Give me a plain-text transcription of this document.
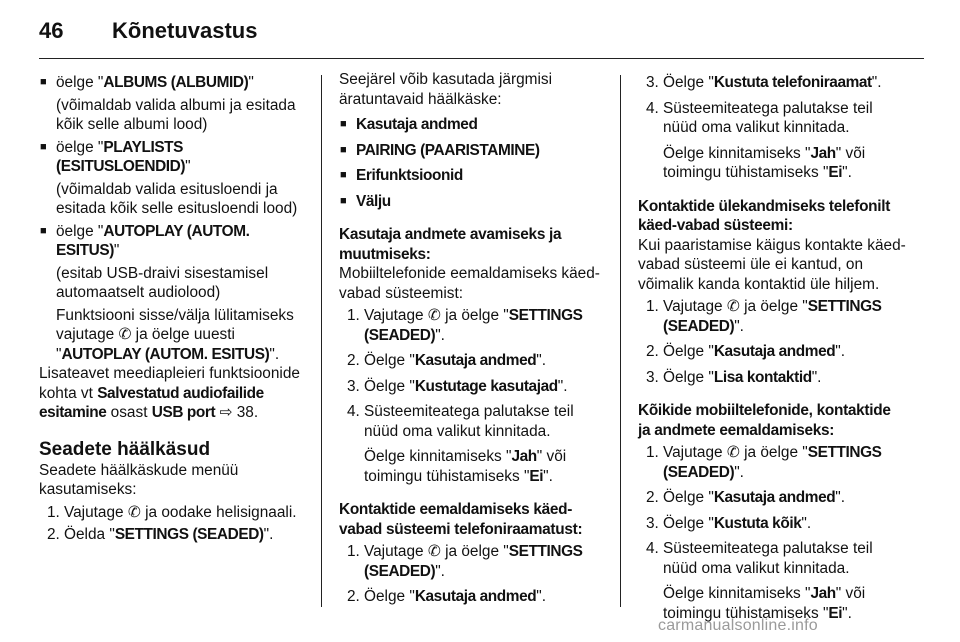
46 Kõnetuvastus
■ öelge "ALBUMS (ALBUMID)"
(võimaldab valida albumi ja esitada kõik selle albumi lood)
■ öelge "PLAYLISTS (ESITUSLOENDID)"
(võimaldab valida esitusloendi ja esitada kõik selle esitusloendi lood)
■ öelge "AUTOPLAY (AUTOM. ESITUS)"
(esitab USB-draivi sisestamisel automaatselt audiolood)
Funktsiooni sisse/välja lülitamiseks vajutage ✆ ja öelge uuesti "AUTOPLAY (AUTOM. ESITUS)".
Lisateavet meediapleieri funktsioonide kohta vt Salvestatud audiofailide esitamine osast USB port ⇨ 38.
Seadete häälkäsud
Seadete häälkäskude menüü kasutamiseks:
1. Vajutage ✆ ja oodake helisignaali.
2. Öelda "SETTINGS (SEADED)".
Seejärel võib kasutada järgmisi äratuntavaid häälkäske:
■ Kasutaja andmed
■ PAIRING (PAARISTAMINE)
■ Erifunktsioonid
■ Välju
Kasutaja andmete avamiseks ja muutmiseks:
Mobiiltelefonide eemaldamiseks käed-vabad süsteemist:
1. Vajutage ✆ ja öelge "SETTINGS (SEADED)".
2. Öelge "Kasutaja andmed".
3. Öelge "Kustutage kasutajad".
4. Süsteemiteatega palutakse teil nüüd oma valikut kinnitada.
Öelge kinnitamiseks "Jah" või toimingu tühistamiseks "Ei".
Kontaktide eemaldamiseks käed-vabad süsteemi telefoniraamatust:
1. Vajutage ✆ ja öelge "SETTINGS (SEADED)".
2. Öelge "Kasutaja andmed".
3. Öelge "Kustuta telefoniraamat".
4. Süsteemiteatega palutakse teil nüüd oma valikut kinnitada.
Öelge kinnitamiseks "Jah" või toimingu tühistamiseks "Ei".
Kontaktide ülekandmiseks telefonilt käed-vabad süsteemi:
Kui paaristamise käigus kontakte käed-vabad süsteemi üle ei kantud, on võimalik kanda kontaktid üle hiljem.
1. Vajutage ✆ ja öelge "SETTINGS (SEADED)".
2. Öelge "Kasutaja andmed".
3. Öelge "Lisa kontaktid".
Kõikide mobiiltelefonide, kontaktide ja andmete eemaldamiseks:
1. Vajutage ✆ ja öelge "SETTINGS (SEADED)".
2. Öelge "Kasutaja andmed".
3. Öelge "Kustuta kõik".
4. Süsteemiteatega palutakse teil nüüd oma valikut kinnitada.
Öelge kinnitamiseks "Jah" või toimingu tühistamiseks "Ei".
carmanualsonline.info
